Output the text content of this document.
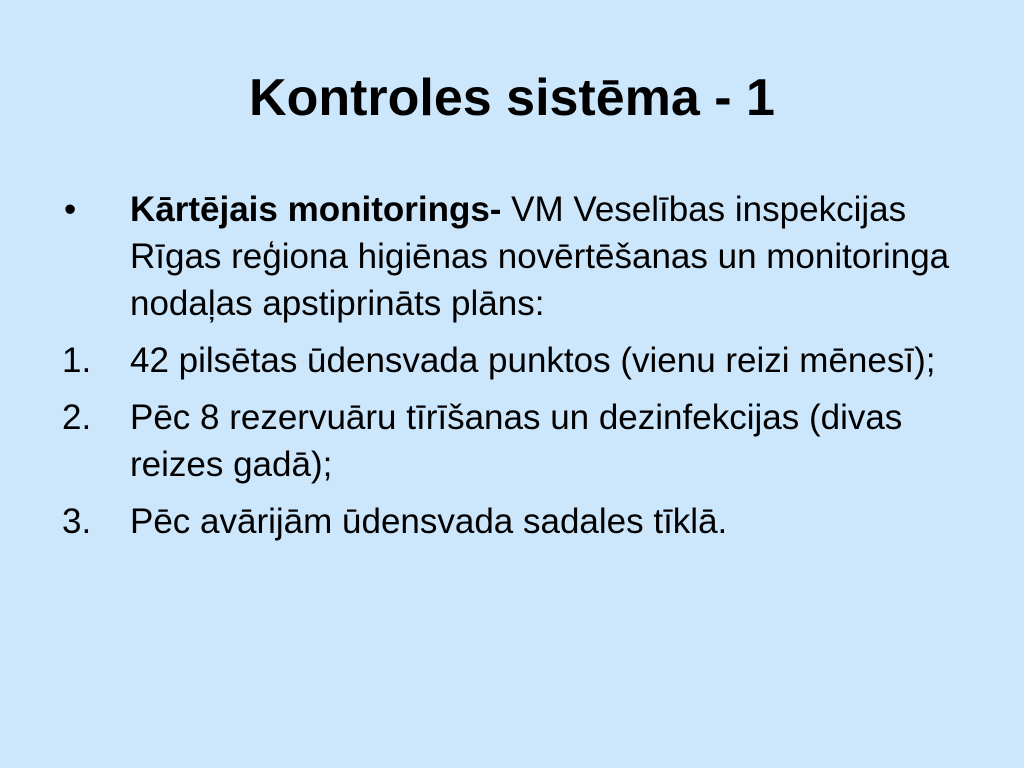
Kontroles sistēma - 1
• Kārtējais monitorings- VM Veselības inspekcijas Rīgas reģiona higiēnas novērtēšanas un monitoringa nodaļas apstiprināts plāns:
1. 42 pilsētas ūdensvada punktos (vienu reizi mēnesī);
2. Pēc 8 rezervuāru tīrīšanas un dezinfekcijas (divas reizes gadā);
3. Pēc avārijām ūdensvada sadales tīklā.
